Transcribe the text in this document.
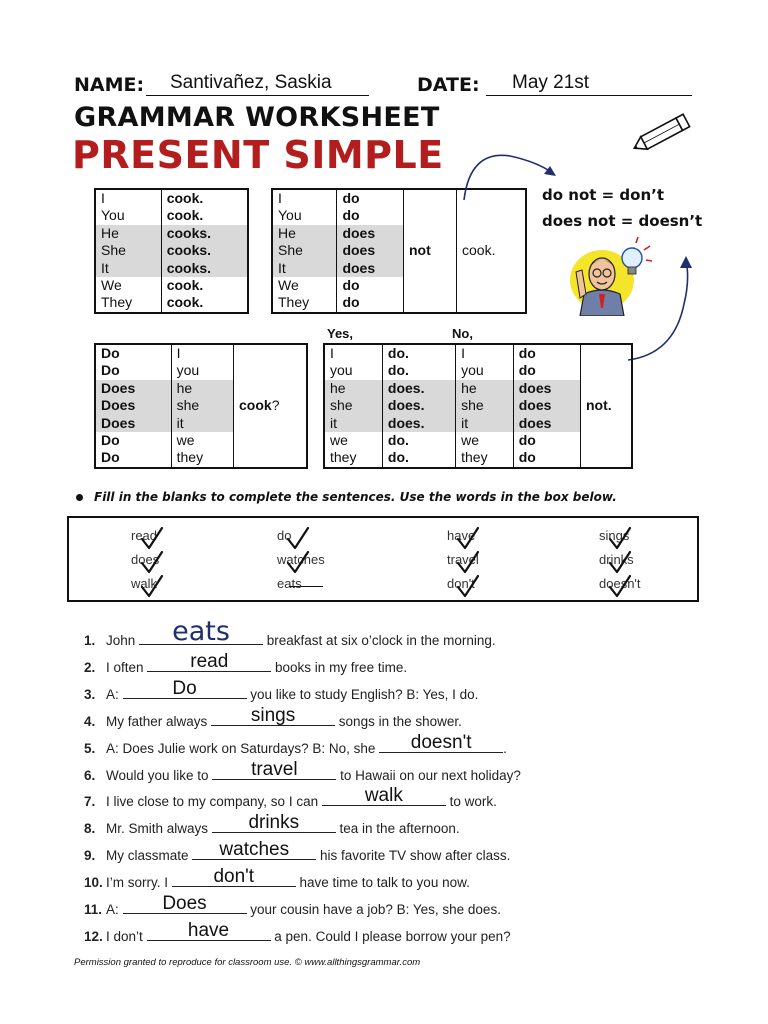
NAME: Santivañez, Saskia	DATE: May 21st
GRAMMAR WORKSHEET
PRESENT SIMPLE
I	cook.
You	cook.
He	cooks.
She	cooks.
It	cooks.
We	cook.
They	cook.
I	do	not	cook.
You	do		
He	does		
She	does		
It	does		
We	do		
They	do		
do not = don’t
does not = doesn’t
Yes,	No,
Do	I	cook?
Do	you	
Does	he	
Does	she	
Does	it	
Do	we	
Do	they	
I	do.	I	do	not.
you	do.	you	do	
he	does.	he	does	
she	does.	she	does	
it	does.	it	does	
we	do.	we	do	
they	do.	they	do	
Fill in the blanks to complete the sentences. Use the words in the box below.
read	do	have	sings
does	watches	travel	drinks
walk	eats	don't	doesn't
1. John	eats	breakfast at six o’clock in the morning.
2. I often	read	books in my free time.
3. A:	Do	you like to study English? B: Yes, I do.
4. My father always	sings	songs in the shower.
5. A: Does Julie work on Saturdays? B: No, she	doesn't	.
6. Would you like to	travel	to Hawaii on our next holiday?
7. I live close to my company, so I can	walk	to work.
8. Mr. Smith always	drinks	tea in the afternoon.
9. My classmate	watches	his favorite TV show after class.
10. I’m sorry. I	don't	have time to talk to you now.
11. A:	Does	your cousin have a job? B: Yes, she does.
12. I don’t	have	a pen. Could I please borrow your pen?
Permission granted to reproduce for classroom use. © www.allthingsgrammar.com
